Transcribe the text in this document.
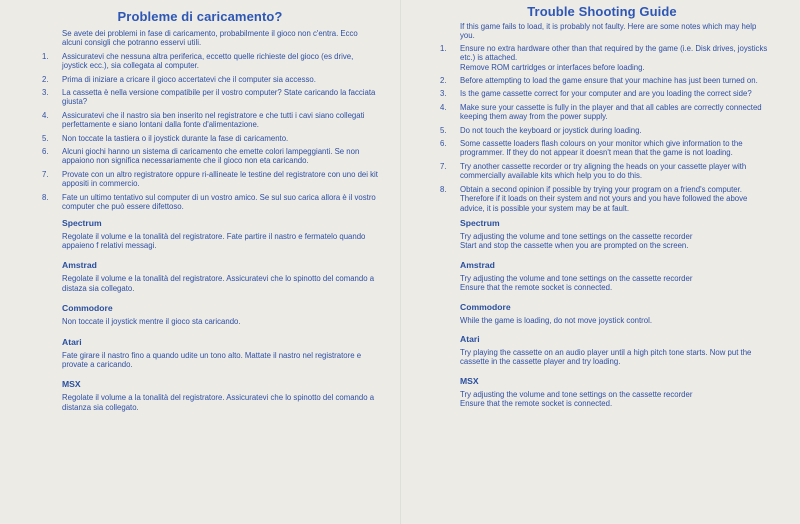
Probleme di caricamento?
Se avete dei problemi in fase di caricamento, probabilmente il gioco non c'entra. Ecco alcuni consigli che potranno esservi utili.
1.	Assicuratevi che nessuna altra periferica, eccetto quelle richieste del gioco (es drive, joystick ecc.), sia collegata al computer.
2.	Prima di iniziare a cricare il gioco accertatevi che il computer sia accesso.
3.	La cassetta è nella versione compatibile per il vostro computer? State caricando la facciata giusta?
4.	Assicuratevi che il nastro sia ben inserito nel registratore e che tutti i cavi siano collegati perfettamente e siano lontani dalla fonte d'alimentazione.
5.	Non toccate la tastiera o il joystick durante la fase di caricamento.
6.	Alcuni giochi hanno un sistema di caricamento che emette colori lampeggianti. Se non appaiono non significa necessariamente che il gioco non eta caricando.
7.	Provate con un altro registratore oppure ri-allineate le testine del registratore con uno dei kit appositi in commercio.
8.	Fate un ultimo tentativo sul computer di un vostro amico. Se sul suo carica allora è il vostro computer che può essere difettoso.
Spectrum
Regolate il volume e la tonalità del registratore. Fate partire il nastro e fermatelo quando appaieno f relativi messagi.
Amstrad
Regolate il volume e la tonalità del registratore. Assicuratevi che lo spinotto del comando a distaza sia collegato.
Commodore
Non toccate il joystick mentre il gioco sta caricando.
Atari
Fate girare il nastro fino a quando udite un tono alto. Mattate il nastro nel registratore e provate a caricando.
MSX
Regolate il volume a la tonalità del registratore. Assicuratevi che lo spinotto del comando a distanza sia collegato.
Trouble Shooting Guide
If this game fails to load, it is probably not faulty. Here are some notes which may help you.
1.	Ensure no extra hardware other than that required by the game (i.e. Disk drives, joysticks etc.) is attached.
Remove ROM cartridges or interfaces before loading.
2.	Before attempting to load the game ensure that your machine has just been turned on.
3.	Is the game cassette correct for your computer and are you loading the correct side?
4.	Make sure your cassette is fully in the player and that all cables are correctly connected keeping them away from the power supply.
5.	Do not touch the keyboard or joystick during loading.
6.	Some cassette loaders flash colours on your monitor which give information to the programmer. If they do not appear it doesn't mean that the game is not loading.
7.	Try another cassette recorder or try aligning the heads on your cassette player with commercially available kits which help you to do this.
8.	Obtain a second opinion if possible by trying your program on a friend's computer. Therefore if it loads on their system and not yours and you have followed the above advice, it is possible your system may be at fault.
Spectrum
Try adjusting the volume and tone settings on the cassette recorder
Start and stop the cassette when you are prompted on the screen.
Amstrad
Try adjusting the volume and tone settings on the cassette recorder
Ensure that the remote socket is connected.
Commodore
While the game is loading, do not move joystick control.
Atari
Try playing the cassette on an audio player until a high pitch tone starts. Now put the cassette in the cassette player and try loading.
MSX
Try adjusting the volume and tone settings on the cassette recorder
Ensure that the remote socket is connected.
